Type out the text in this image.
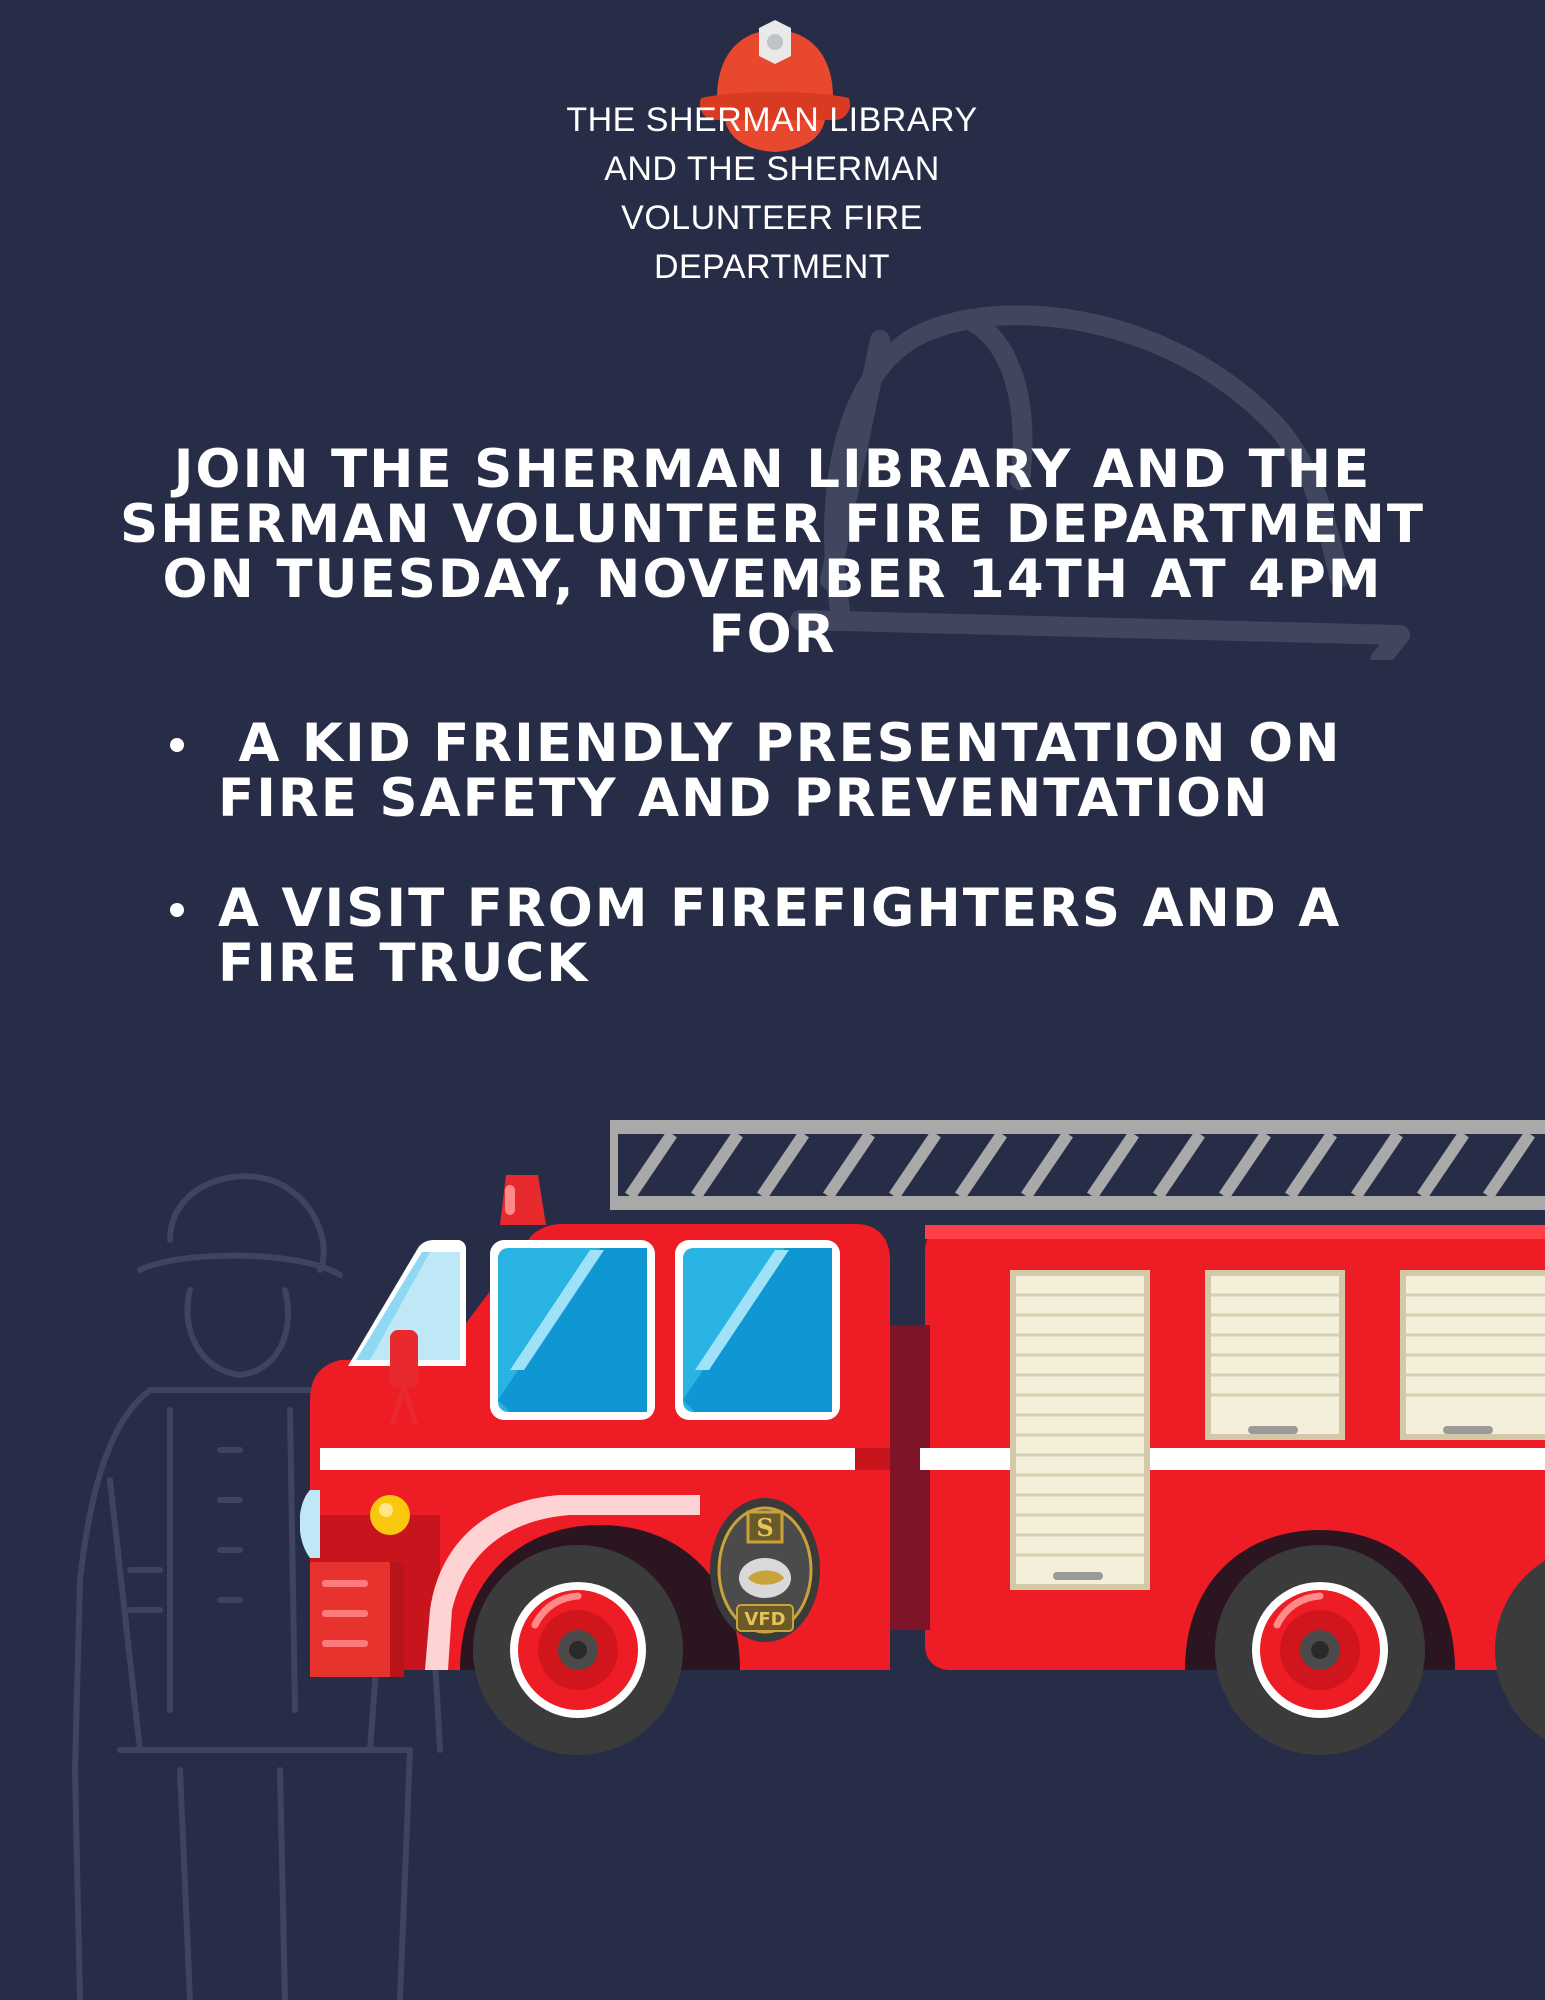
THE SHERMAN LIBRARY
AND THE SHERMAN
VOLUNTEER FIRE
DEPARTMENT
JOIN THE SHERMAN LIBRARY AND THE
SHERMAN VOLUNTEER FIRE DEPARTMENT
ON TUESDAY, NOVEMBER 14TH AT 4PM
FOR
A KID FRIENDLY PRESENTATION ON
FIRE SAFETY AND PREVENTATION
A VISIT FROM FIREFIGHTERS AND A
FIRE TRUCK
S
VFD
